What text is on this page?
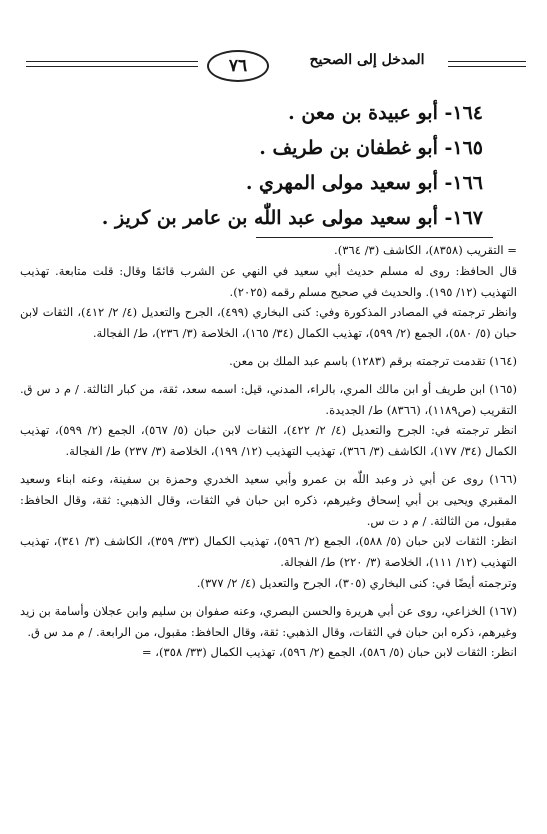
٧٦	المدخل إلى الصحيح
١٦٤- أبو عبيدة بن معن .
١٦٥- أبو غطفان بن طريف .
١٦٦- أبو سعيد مولى المهري .
١٦٧- أبو سعيد مولى عبد اللّٰه بن عامر بن كريز .

= التقريب (٨٣٥٨)، الكاشف (٣/ ٣٦٤).

قال الحافظ: روى له مسلم حديث أبي سعيد في النهي عن الشرب قائمًا وقال: قلت متابعة. تهذيب التهذيب (١٢/ ١٩٥). والحديث في صحيح مسلم رقمه (٢٠٢٥).

وانظر ترجمته في المصادر المذكورة وفي: كنى البخاري (٤٩٩)، الجرح والتعديل (٤/ ٢/ ٤١٢)، الثقات لابن حبان (٥/ ٥٨٠)، الجمع (٢/ ٥٩٩)، تهذيب الكمال (٣٤/ ١٦٥)، الخلاصة (٣/ ٢٣٦)، ط/ الفجالة.

(١٦٤) تقدمت ترجمته برقم (١٢٨٣) باسم عبد الملك بن معن.

(١٦٥) ابن طريف أو ابن مالك المري، بالراء، المدني، قيل: اسمه سعد، ثقة، من كبار الثالثة. / م د س ق. التقريب (ص١١٨٩)، (٨٣٦٦) ط/ الجديدة.

انظر ترجمته في: الجرح والتعديل (٤/ ٢/ ٤٢٢)، الثقات لابن حبان (٥/ ٥٦٧)، الجمع (٢/ ٥٩٩)، تهذيب الكمال (٣٤/ ١٧٧)، الكاشف (٣/ ٣٦٦)، تهذيب التهذيب (١٢/ ١٩٩)، الخلاصة (٣/ ٢٣٧) ط/ الفجالة.

(١٦٦) روى عن أبي ذر وعبد اللّٰه بن عمرو وأبي سعيد الخدري وحمزة بن سفينة، وعنه ابناء وسعيد المقبري ويحيى بن أبي إسحاق وغيرهم، ذكره ابن حبان في الثقات، وقال الذهبي: ثقة، وقال الحافظ: مقبول، من الثالثة. / م د ت س.

انظر: الثقات لابن حبان (٥/ ٥٨٨)، الجمع (٢/ ٥٩٦)، تهذيب الكمال (٣٣/ ٣٥٩)، الكاشف (٣/ ٣٤١)، تهذيب التهذيب (١٢/ ١١١)، الخلاصة (٣/ ٢٢٠) ط/ الفجالة.

وترجمته أيضًا في: كنى البخاري (٣٠٥)، الجرح والتعديل (٤/ ٢/ ٣٧٧).

(١٦٧) الخزاعي، روى عن أبي هريرة والحسن البصري، وعنه صفوان بن سليم وابن عجلان وأسامة بن زيد وغيرهم، ذكره ابن حبان في الثقات، وقال الذهبي: ثقة، وقال الحافظ: مقبول، من الرابعة. / م مد س ق.

انظر: الثقات لابن حبان (٥/ ٥٨٦)، الجمع (٢/ ٥٩٦)، تهذيب الكمال (٣٣/ ٣٥٨)، =
